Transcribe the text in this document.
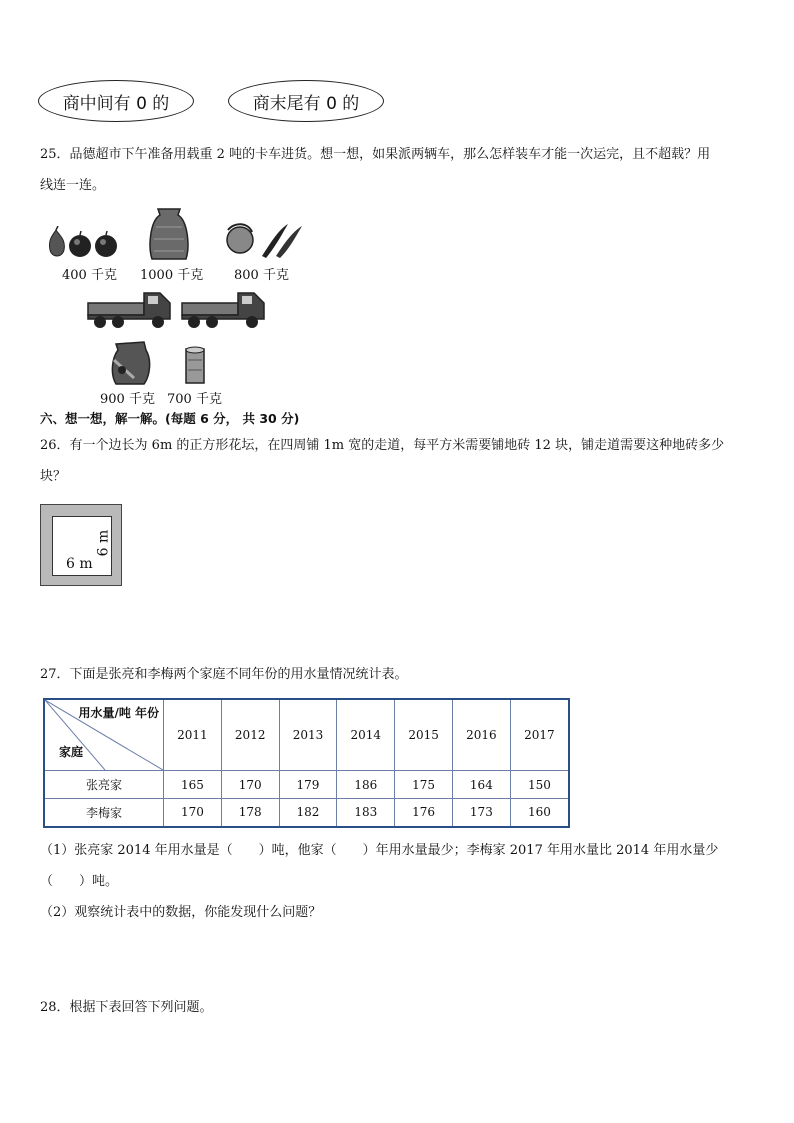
商中间有 0 的	商末尾有 0 的
25．品德超市下午准备用载重 2 吨的卡车进货。想一想，如果派两辆车，那么怎样装车才能一次运完，且不超载？用
线连一连。
400 千克 1000 千克 800 千克
900 千克 700 千克
六、想一想，解一解。(每题 6 分， 共 30 分)
26．有一个边长为 6m 的正方形花坛，在四周铺 1m 宽的走道，每平方米需要铺地砖 12 块，铺走道需要这种地砖多少
块？
6 m
6 m
27．下面是张亮和李梅两个家庭不同年份的用水量情况统计表。
用水量/吨 年份
家庭	2011	2012	2013	2014	2015	2016	2017
张亮家	165	170	179	186	175	164	150
李梅家	170	178	182	183	176	173	160
（1）张亮家 2014 年用水量是（　　）吨，他家（　　）年用水量最少；李梅家 2017 年用水量比 2014 年用水量少
（　　）吨。
（2）观察统计表中的数据，你能发现什么问题？
28．根据下表回答下列问题。
